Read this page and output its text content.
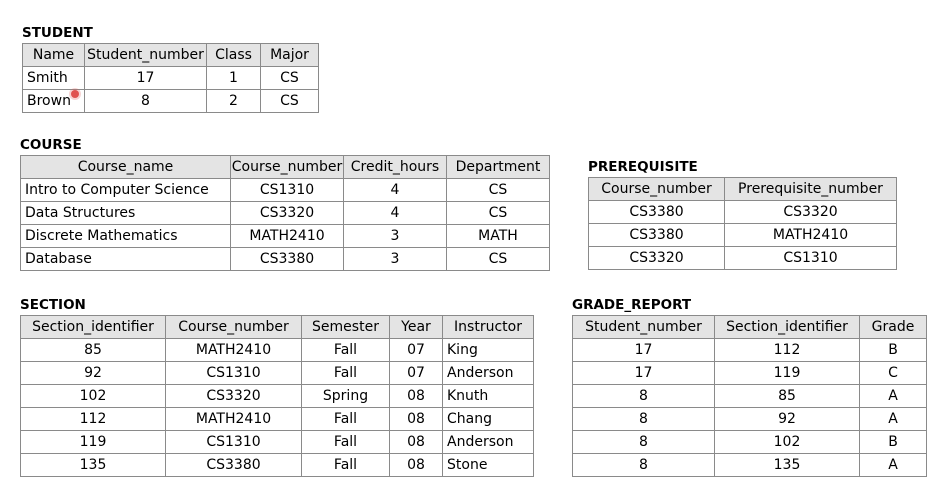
STUDENT
Name	Student_number	Class	Major
Smith	17	1	CS
Brown	8	2	CS
COURSE
Course_name	Course_number	Credit_hours	Department
Intro to Computer Science	CS1310	4	CS
Data Structures	CS3320	4	CS
Discrete Mathematics	MATH2410	3	MATH
Database	CS3380	3	CS
PREREQUISITE
Course_number	Prerequisite_number
CS3380	CS3320
CS3380	MATH2410
CS3320	CS1310
SECTION
Section_identifier	Course_number	Semester	Year	Instructor
85	MATH2410	Fall	07	King
92	CS1310	Fall	07	Anderson
102	CS3320	Spring	08	Knuth
112	MATH2410	Fall	08	Chang
119	CS1310	Fall	08	Anderson
135	CS3380	Fall	08	Stone
GRADE_REPORT
Student_number	Section_identifier	Grade
17	112	B
17	119	C
8	85	A
8	92	A
8	102	B
8	135	A
